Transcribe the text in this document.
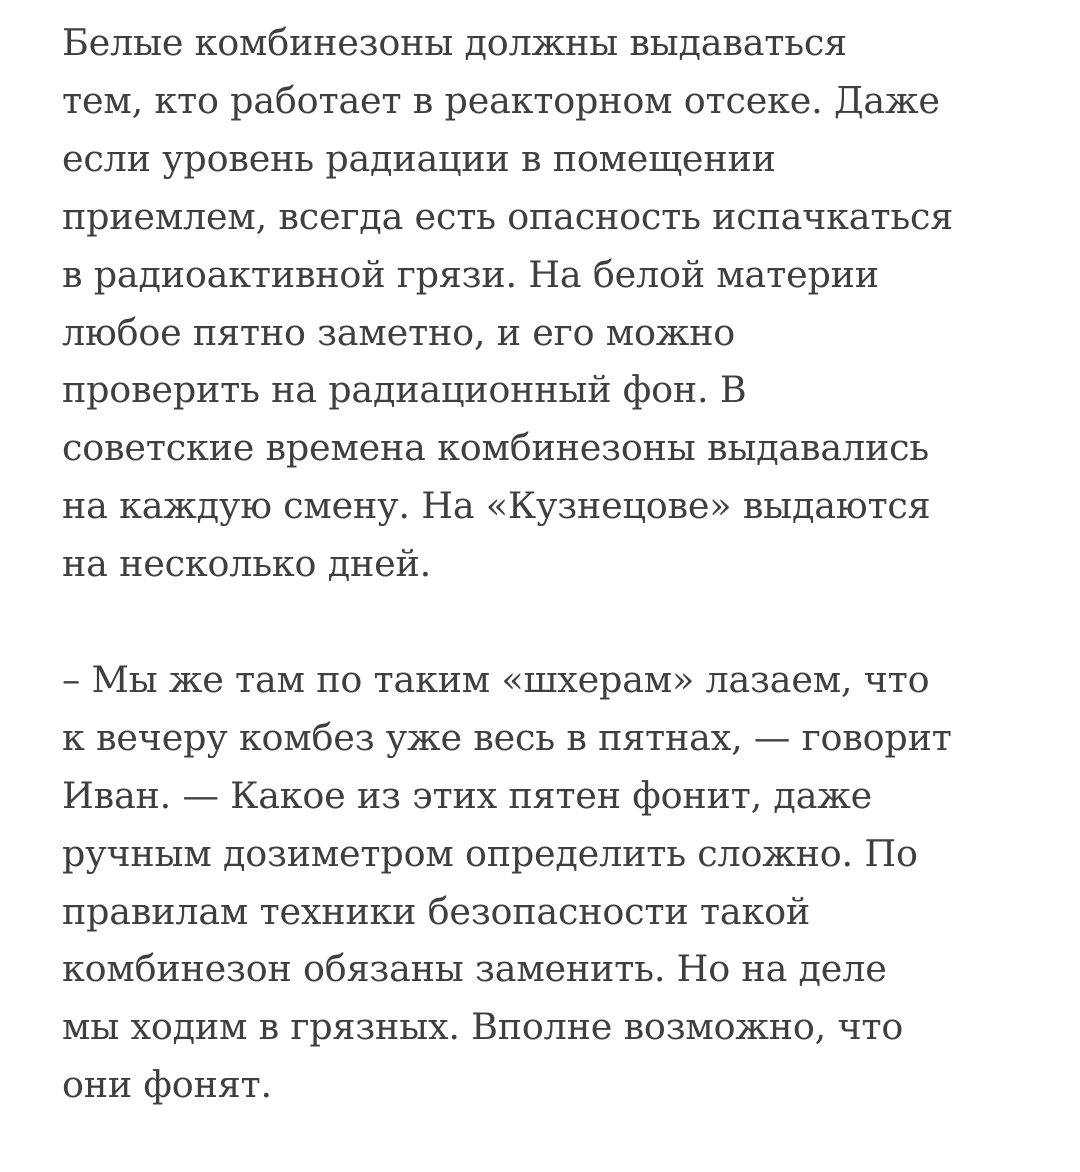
Белые комбинезоны должны выдаваться
тем, кто работает в реакторном отсеке. Даже
если уровень радиации в помещении
приемлем, всегда есть опасность испачкаться
в радиоактивной грязи. На белой материи
любое пятно заметно, и его можно
проверить на радиационный фон. В
советские времена комбинезоны выдавались
на каждую смену. На «Кузнецове» выдаются
на несколько дней.

– Мы же там по таким «шхерам» лазаем, что
к вечеру комбез уже весь в пятнах, — говорит
Иван. — Какое из этих пятен фонит, даже
ручным дозиметром определить сложно. По
правилам техники безопасности такой
комбинезон обязаны заменить. Но на деле
мы ходим в грязных. Вполне возможно, что
они фонят.
